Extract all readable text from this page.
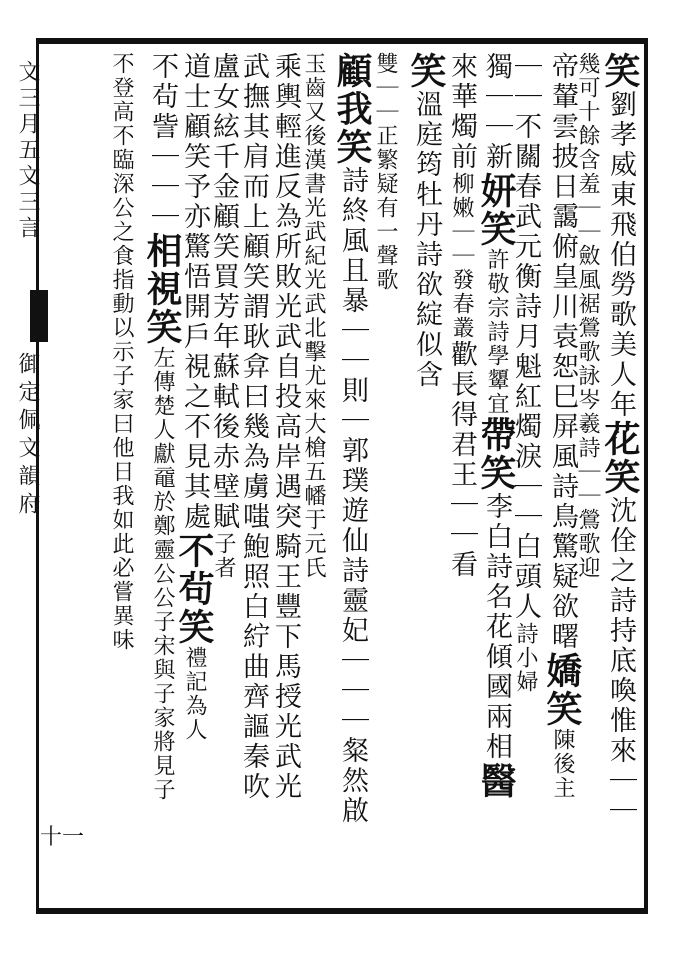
文三月五文三言
御定佩文韻府
十一
笑劉孝威東飛伯勞歌美人年花笑沈佺之詩持底喚惟來｜｜
幾可十餘含羞｜｜斂風裾鶯歌詠岑羲詩｜｜鶯歌迎
帝輦雲披日靄俯皇川袁恕巳屏風詩鳥驚疑欲曙嬌笑陳後主
｜｜不關春武元衡詩月魁紅燭淚｜｜白頭人詩小婦
獨｜｜新妍笑許敬宗詩學顰宜帶笑李白詩名花傾國兩相醫
來華燭前柳嫩｜｜發春叢歡長得君王｜｜看
笑溫庭筠牡丹詩欲綻似含
雙｜｜正繁疑有一聲歌
顧我笑詩終風且暴｜｜則｜郭璞遊仙詩靈妃｜｜｜粲然啟
玉齒又後漢書光武紀光武北擊尤來大槍五幡于元氏
乘輿輕進反為所敗光武自投高岸遇突騎王豐下馬授光武光
武撫其肩而上顧笑謂耿弇曰幾為虜嗤鮑照白紵曲齊謳秦吹
盧女絃千金顧笑買芳年蘇軾後赤壁賦子者
道士顧笑予亦驚悟開戶視之不見其處不茍笑禮記為人
不茍訾｜｜｜相視笑左傳楚人獻黿於鄭靈公公子宋與子家將見子
不登高不臨深公之食指動以示子家曰他日我如此必嘗異味
